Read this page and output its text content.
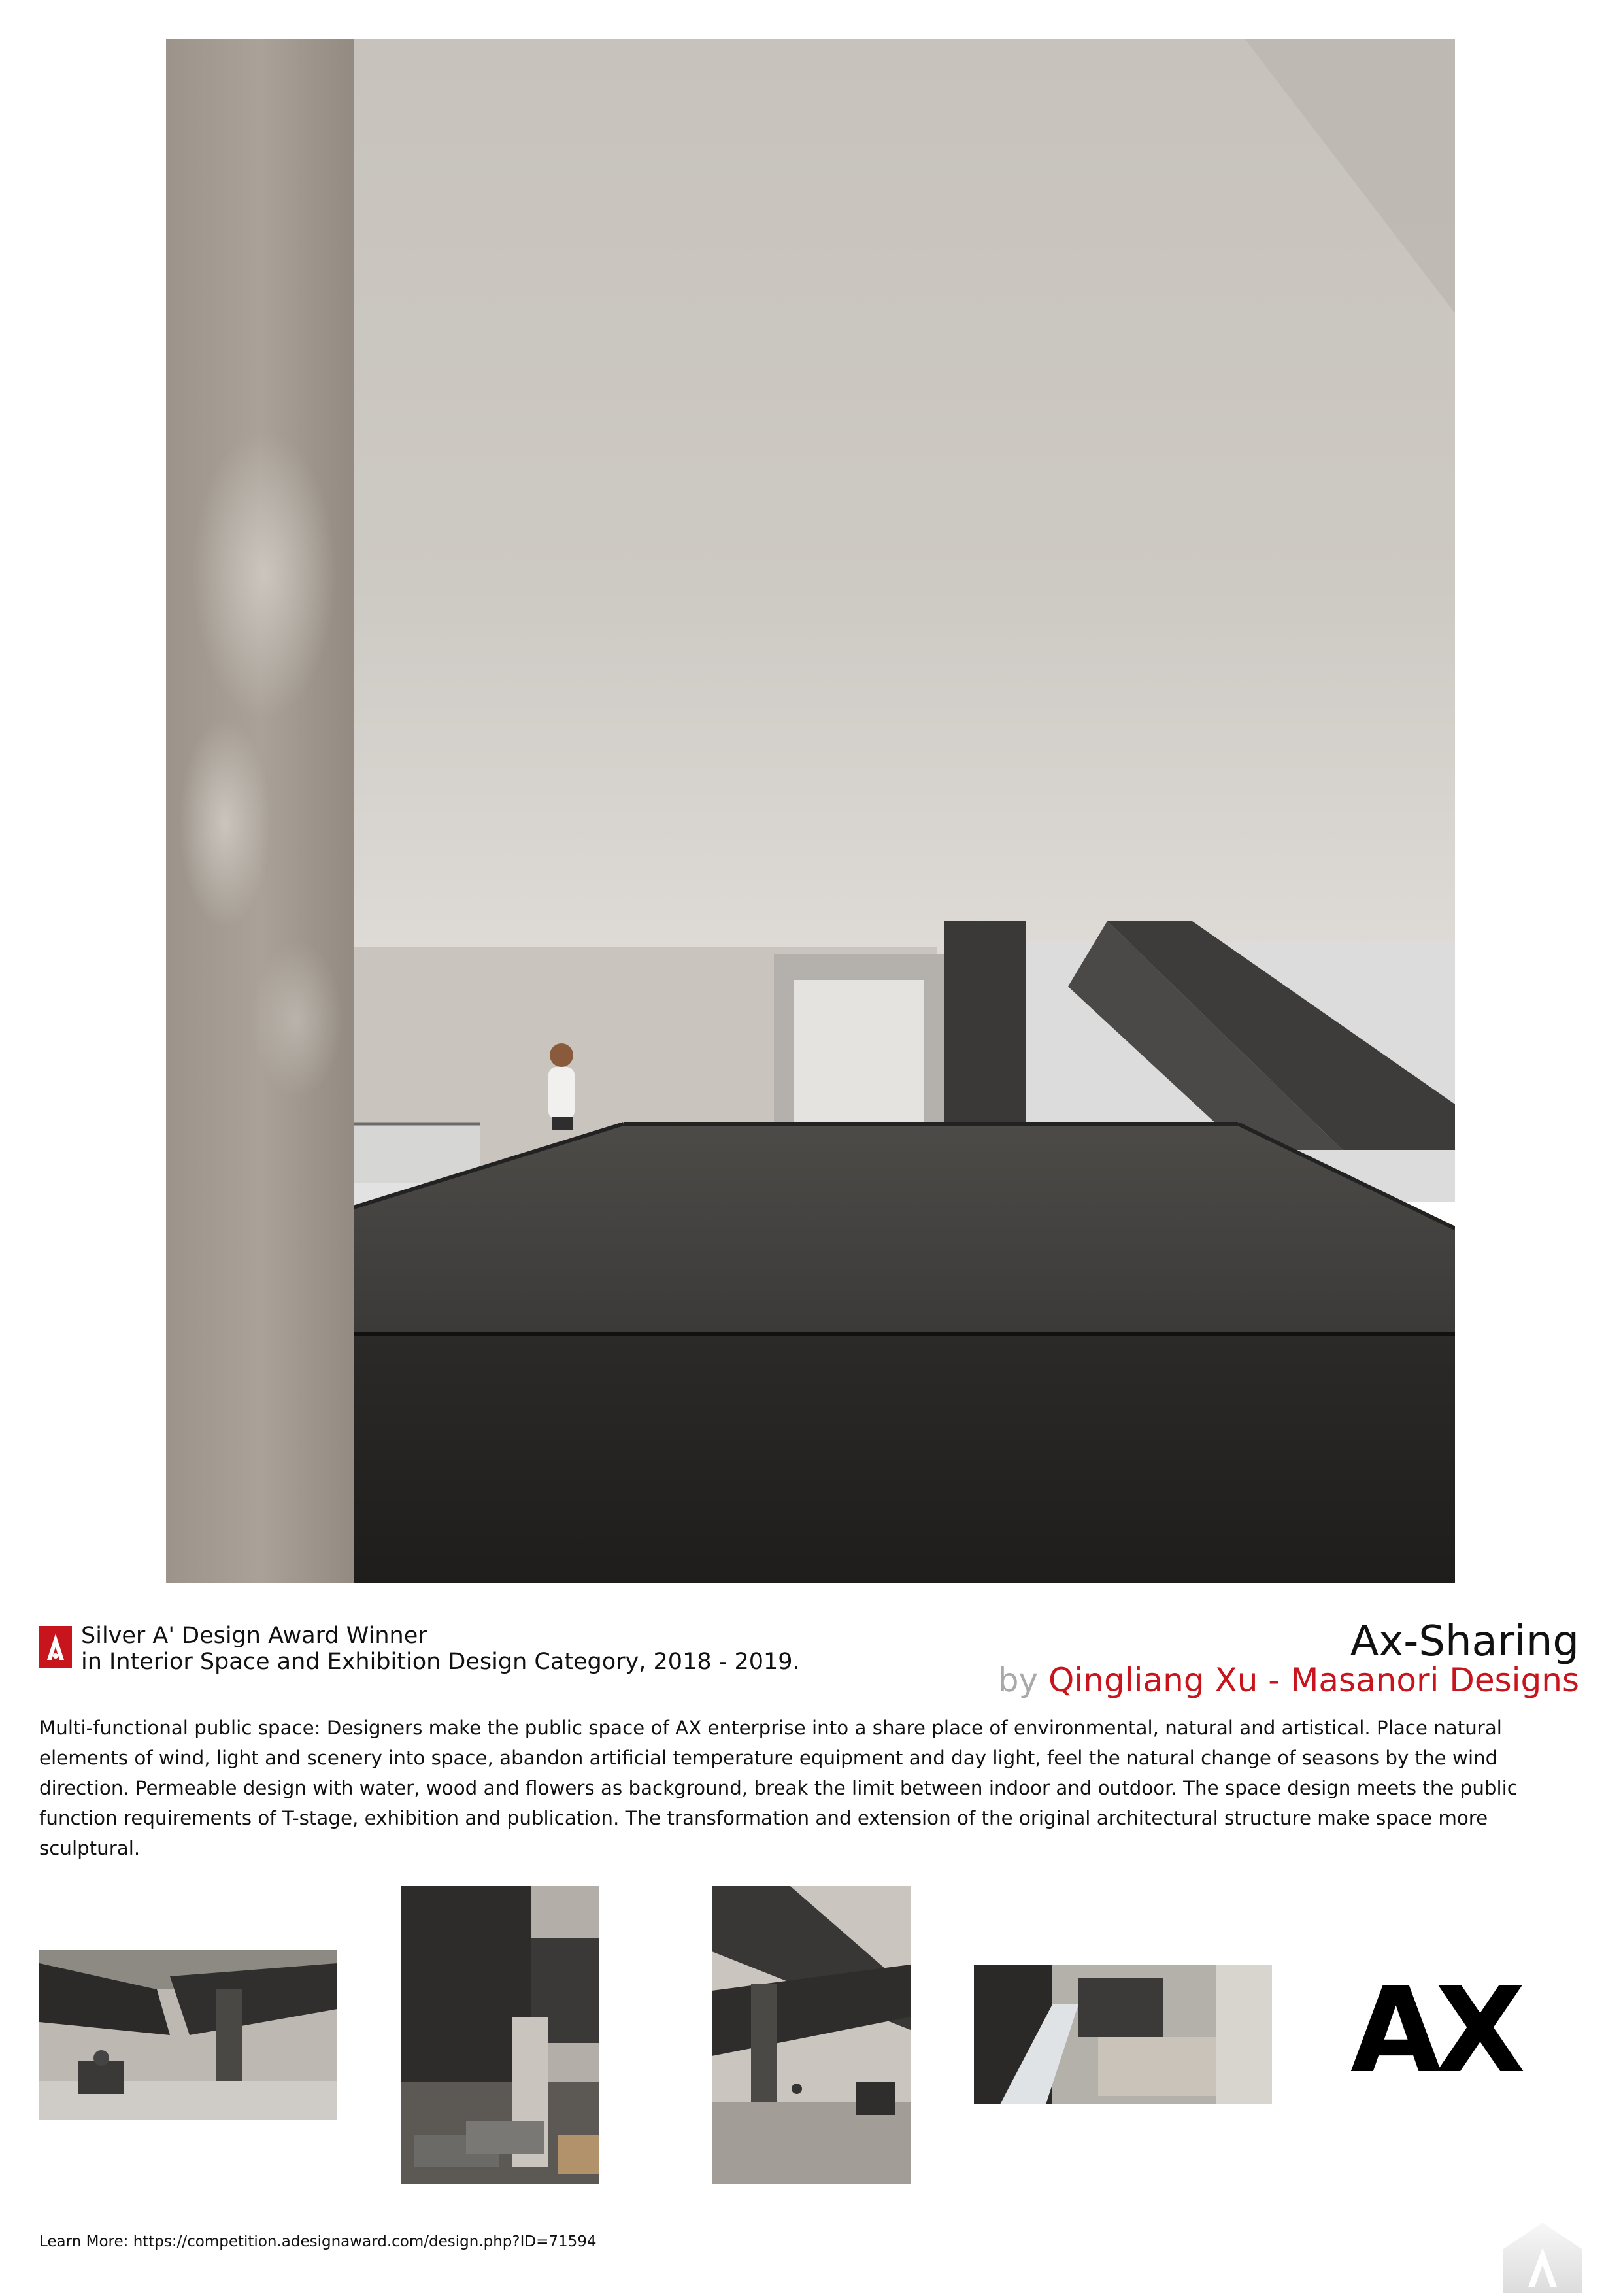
Silver A' Design Award Winner
in Interior Space and Exhibition Design Category, 2018 - 2019.	Ax-Sharing
by Qingliang Xu - Masanori Designs
Multi-functional public space: Designers make the public space of AX enterprise into a share place of environmental, natural and artistical. Place natural elements of wind, light and scenery into space, abandon artificial temperature equipment and day light, feel the natural change of seasons by the wind direction. Permeable design with water, wood and flowers as background, break the limit between indoor and outdoor. The space design meets the public function requirements of T-stage, exhibition and publication. The transformation and extension of the original architectural structure make space more sculptural.
AX
Learn More: https://competition.adesignaward.com/design.php?ID=71594
